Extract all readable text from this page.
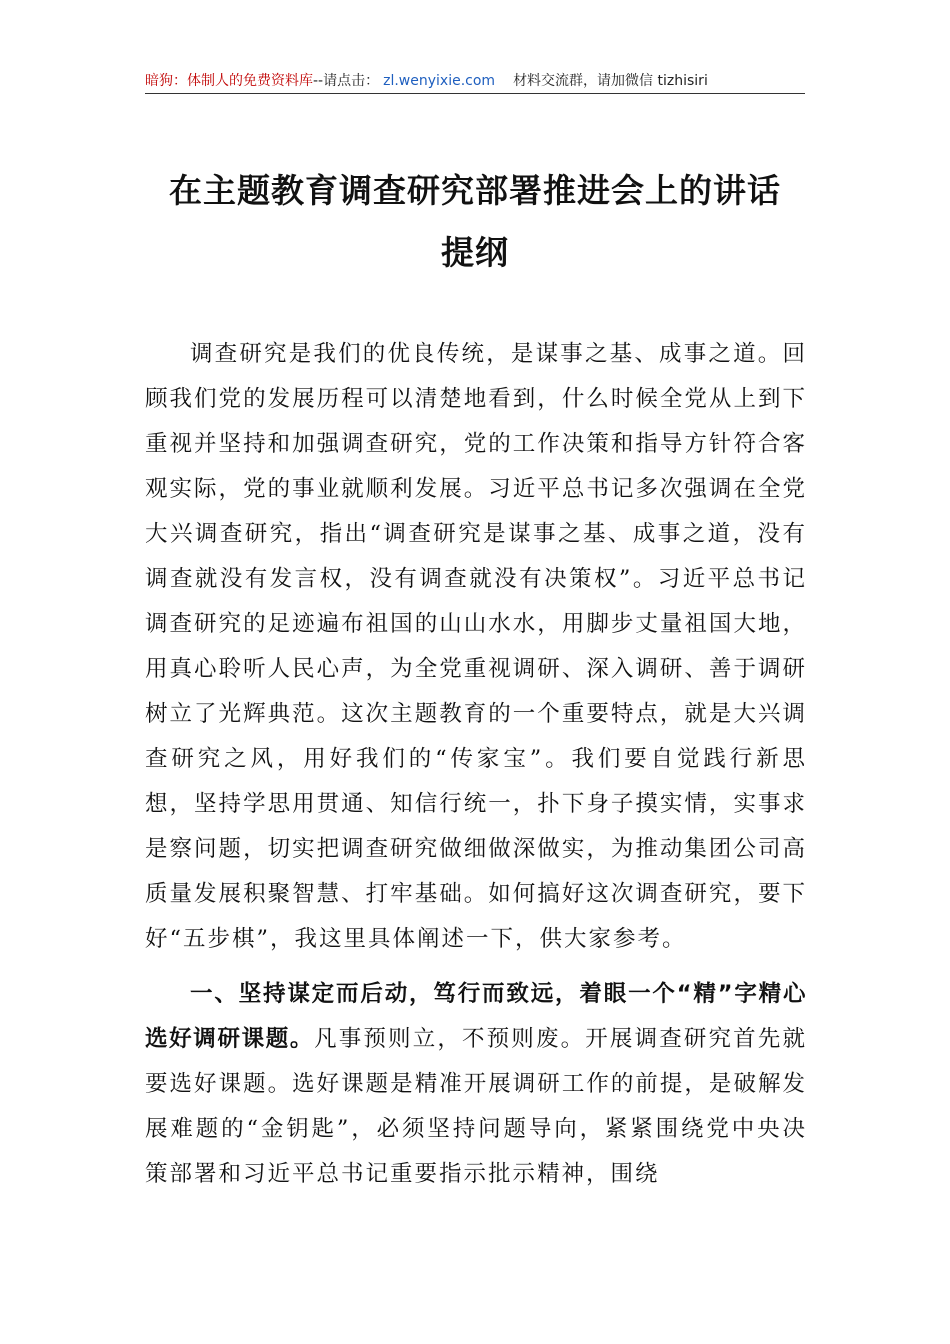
暗狗：体制人的免费资料库--请点击： zl.wenyixie.com 材料交流群，请加微信 tizhisiri
在主题教育调查研究部署推进会上的讲话
提纲

调查研究是我们的优良传统，是谋事之基、成事之道。回顾我们党的发展历程可以清楚地看到，什么时候全党从上到下重视并坚持和加强调查研究，党的工作决策和指导方针符合客观实际，党的事业就顺利发展。习近平总书记多次强调在全党大兴调查研究，指出“调查研究是谋事之基、成事之道，没有调查就没有发言权，没有调查就没有决策权”。习近平总书记调查研究的足迹遍布祖国的山山水水，用脚步丈量祖国大地，用真心聆听人民心声，为全党重视调研、深入调研、善于调研树立了光辉典范。这次主题教育的一个重要特点，就是大兴调查研究之风，用好我们的“传家宝”。我们要自觉践行新思想，坚持学思用贯通、知信行统一，扑下身子摸实情，实事求是察问题，切实把调查研究做细做深做实，为推动集团公司高质量发展积聚智慧、打牢基础。如何搞好这次调查研究，要下好“五步棋”，我这里具体阐述一下，供大家参考。

一、坚持谋定而后动，笃行而致远，着眼一个“精”字精心选好调研课题。凡事预则立，不预则废。开展调查研究首先就要选好课题。选好课题是精准开展调研工作的前提，是破解发展难题的“金钥匙”，必须坚持问题导向，紧紧围绕党中央决策部署和习近平总书记重要指示批示精神，围绕
